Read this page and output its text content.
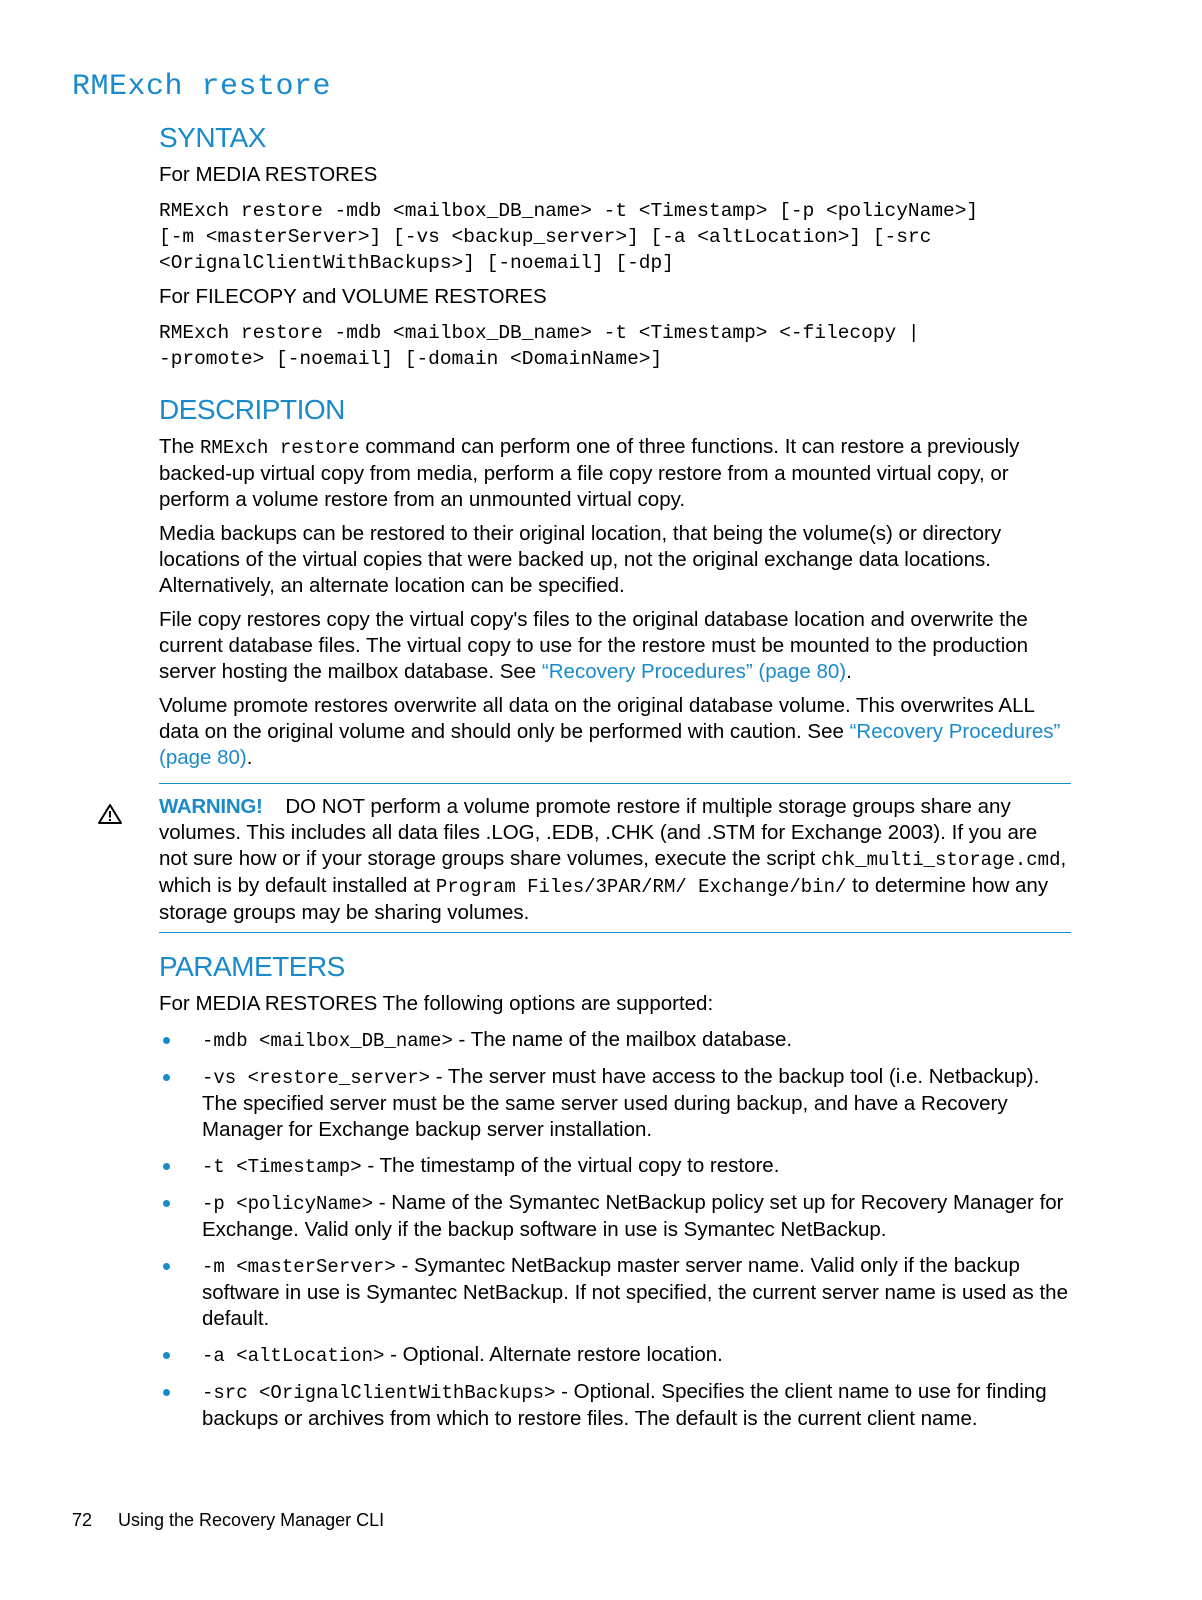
RMExch restore
SYNTAX

For MEDIA RESTORES

RMExch restore -mdb <mailbox_DB_name> -t <Timestamp> [-p <policyName>]
[-m <masterServer>] [-vs <backup_server>] [-a <altLocation>] [-src
<OrignalClientWithBackups>] [-noemail] [-dp]

For FILECOPY and VOLUME RESTORES

RMExch restore -mdb <mailbox_DB_name> -t <Timestamp> <-filecopy |
-promote> [-noemail] [-domain <DomainName>]
DESCRIPTION

The RMExch restore command can perform one of three functions. It can restore a previously backed-up virtual copy from media, perform a file copy restore from a mounted virtual copy, or perform a volume restore from an unmounted virtual copy.

Media backups can be restored to their original location, that being the volume(s) or directory locations of the virtual copies that were backed up, not the original exchange data locations. Alternatively, an alternate location can be specified.

File copy restores copy the virtual copy's files to the original database location and overwrite the current database files. The virtual copy to use for the restore must be mounted to the production server hosting the mailbox database. See “Recovery Procedures” (page 80).

Volume promote restores overwrite all data on the original database volume. This overwrites ALL data on the original volume and should only be performed with caution. See “Recovery Procedures” (page 80).

WARNING! DO NOT perform a volume promote restore if multiple storage groups share any volumes. This includes all data files .LOG, .EDB, .CHK (and .STM for Exchange 2003). If you are not sure how or if your storage groups share volumes, execute the script chk_multi_storage.cmd, which is by default installed at Program Files/3PAR/RM/ Exchange/bin/ to determine how any storage groups may be sharing volumes.

PARAMETERS

For MEDIA RESTORES The following options are supported:

-mdb <mailbox_DB_name> - The name of the mailbox database.
-vs <restore_server> - The server must have access to the backup tool (i.e. Netbackup). The specified server must be the same server used during backup, and have a Recovery Manager for Exchange backup server installation.
-t <Timestamp> - The timestamp of the virtual copy to restore.
-p <policyName> - Name of the Symantec NetBackup policy set up for Recovery Manager for Exchange. Valid only if the backup software in use is Symantec NetBackup.
-m <masterServer> - Symantec NetBackup master server name. Valid only if the backup software in use is Symantec NetBackup. If not specified, the current server name is used as the default.
-a <altLocation> - Optional. Alternate restore location.
-src <OrignalClientWithBackups> - Optional. Specifies the client name to use for finding backups or archives from which to restore files. The default is the current client name.
72 Using the Recovery Manager CLI
